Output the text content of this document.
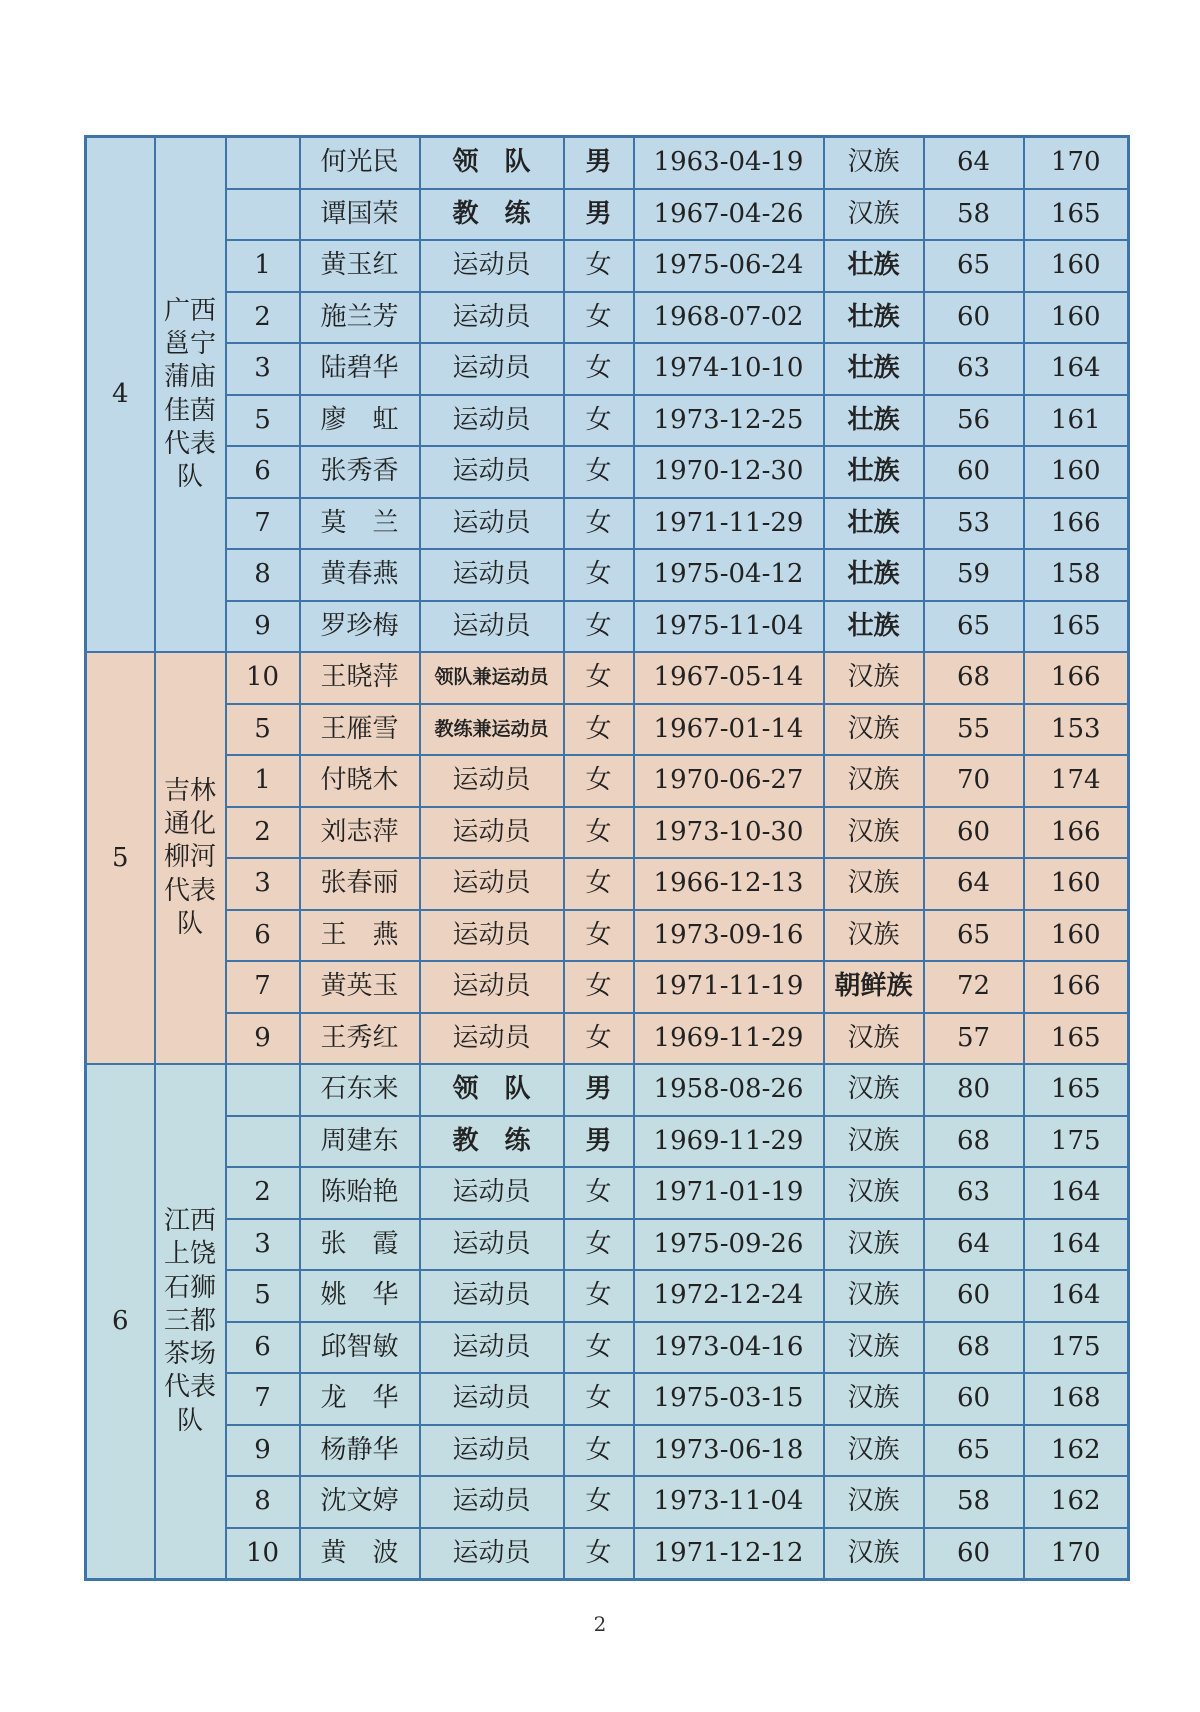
4	广西邕宁蒲庙佳茵代表队		何光民	领　队	男	1963-04-19	汉族	64	170
			谭国荣	教　练	男	1967-04-26	汉族	58	165
		1	黄玉红	运动员	女	1975-06-24	壮族	65	160
		2	施兰芳	运动员	女	1968-07-02	壮族	60	160
		3	陆碧华	运动员	女	1974-10-10	壮族	63	164
		5	廖　虹	运动员	女	1973-12-25	壮族	56	161
		6	张秀香	运动员	女	1970-12-30	壮族	60	160
		7	莫　兰	运动员	女	1971-11-29	壮族	53	166
		8	黄春燕	运动员	女	1975-04-12	壮族	59	158
		9	罗珍梅	运动员	女	1975-11-04	壮族	65	165
5	吉林通化柳河代表队	10	王晓萍	领队兼运动员	女	1967-05-14	汉族	68	166
		5	王雁雪	教练兼运动员	女	1967-01-14	汉族	55	153
		1	付晓木	运动员	女	1970-06-27	汉族	70	174
		2	刘志萍	运动员	女	1973-10-30	汉族	60	166
		3	张春丽	运动员	女	1966-12-13	汉族	64	160
		6	王　燕	运动员	女	1973-09-16	汉族	65	160
		7	黄英玉	运动员	女	1971-11-19	朝鲜族	72	166
		9	王秀红	运动员	女	1969-11-29	汉族	57	165
6	江西上饶石狮三都茶场代表队		石东来	领　队	男	1958-08-26	汉族	80	165
			周建东	教　练	男	1969-11-29	汉族	68	175
		2	陈贻艳	运动员	女	1971-01-19	汉族	63	164
		3	张　霞	运动员	女	1975-09-26	汉族	64	164
		5	姚　华	运动员	女	1972-12-24	汉族	60	164
		6	邱智敏	运动员	女	1973-04-16	汉族	68	175
		7	龙　华	运动员	女	1975-03-15	汉族	60	168
		9	杨静华	运动员	女	1973-06-18	汉族	65	162
		8	沈文婷	运动员	女	1973-11-04	汉族	58	162
		10	黄　波	运动员	女	1971-12-12	汉族	60	170
2
